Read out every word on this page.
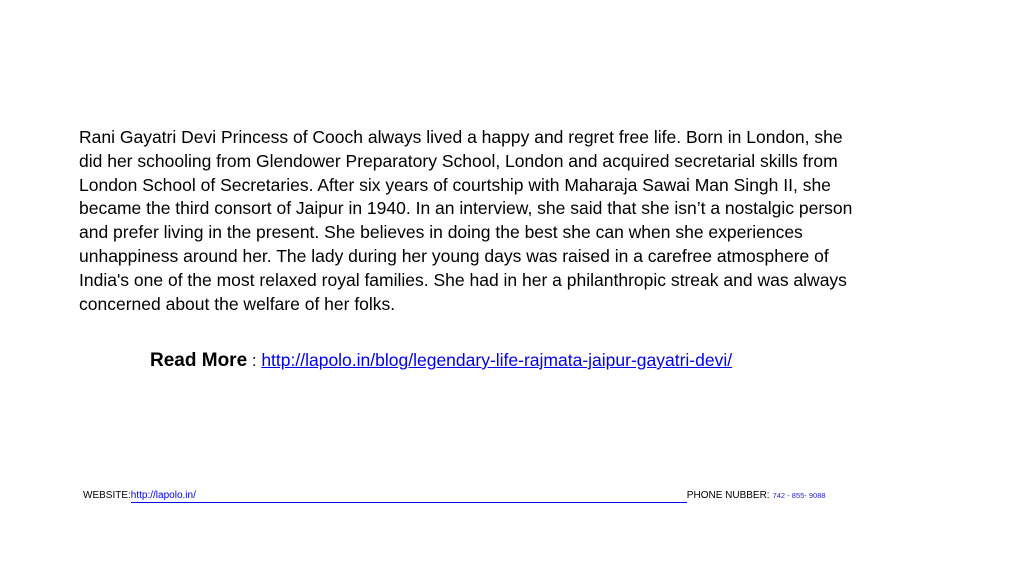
Rani Gayatri Devi Princess of Cooch always lived a happy and regret free life. Born in London, she did her schooling from Glendower Preparatory School, London and acquired secretarial skills from London School of Secretaries. After six years of courtship with Maharaja Sawai Man Singh II, she became the third consort of Jaipur in 1940. In an interview, she said that she isn’t a nostalgic person and prefer living in the present. She believes in doing the best she can when she experiences unhappiness around her. The lady during her young days was raised in a carefree atmosphere of India's one of the most relaxed royal families. She had in her a philanthropic streak and was always concerned about the welfare of her folks.

Read More : http://lapolo.in/blog/legendary-life-rajmata-jaipur-gayatri-devi/
WEBSITE: http://lapolo.in/	PHONE NUBBER: 742 - 855- 9088
